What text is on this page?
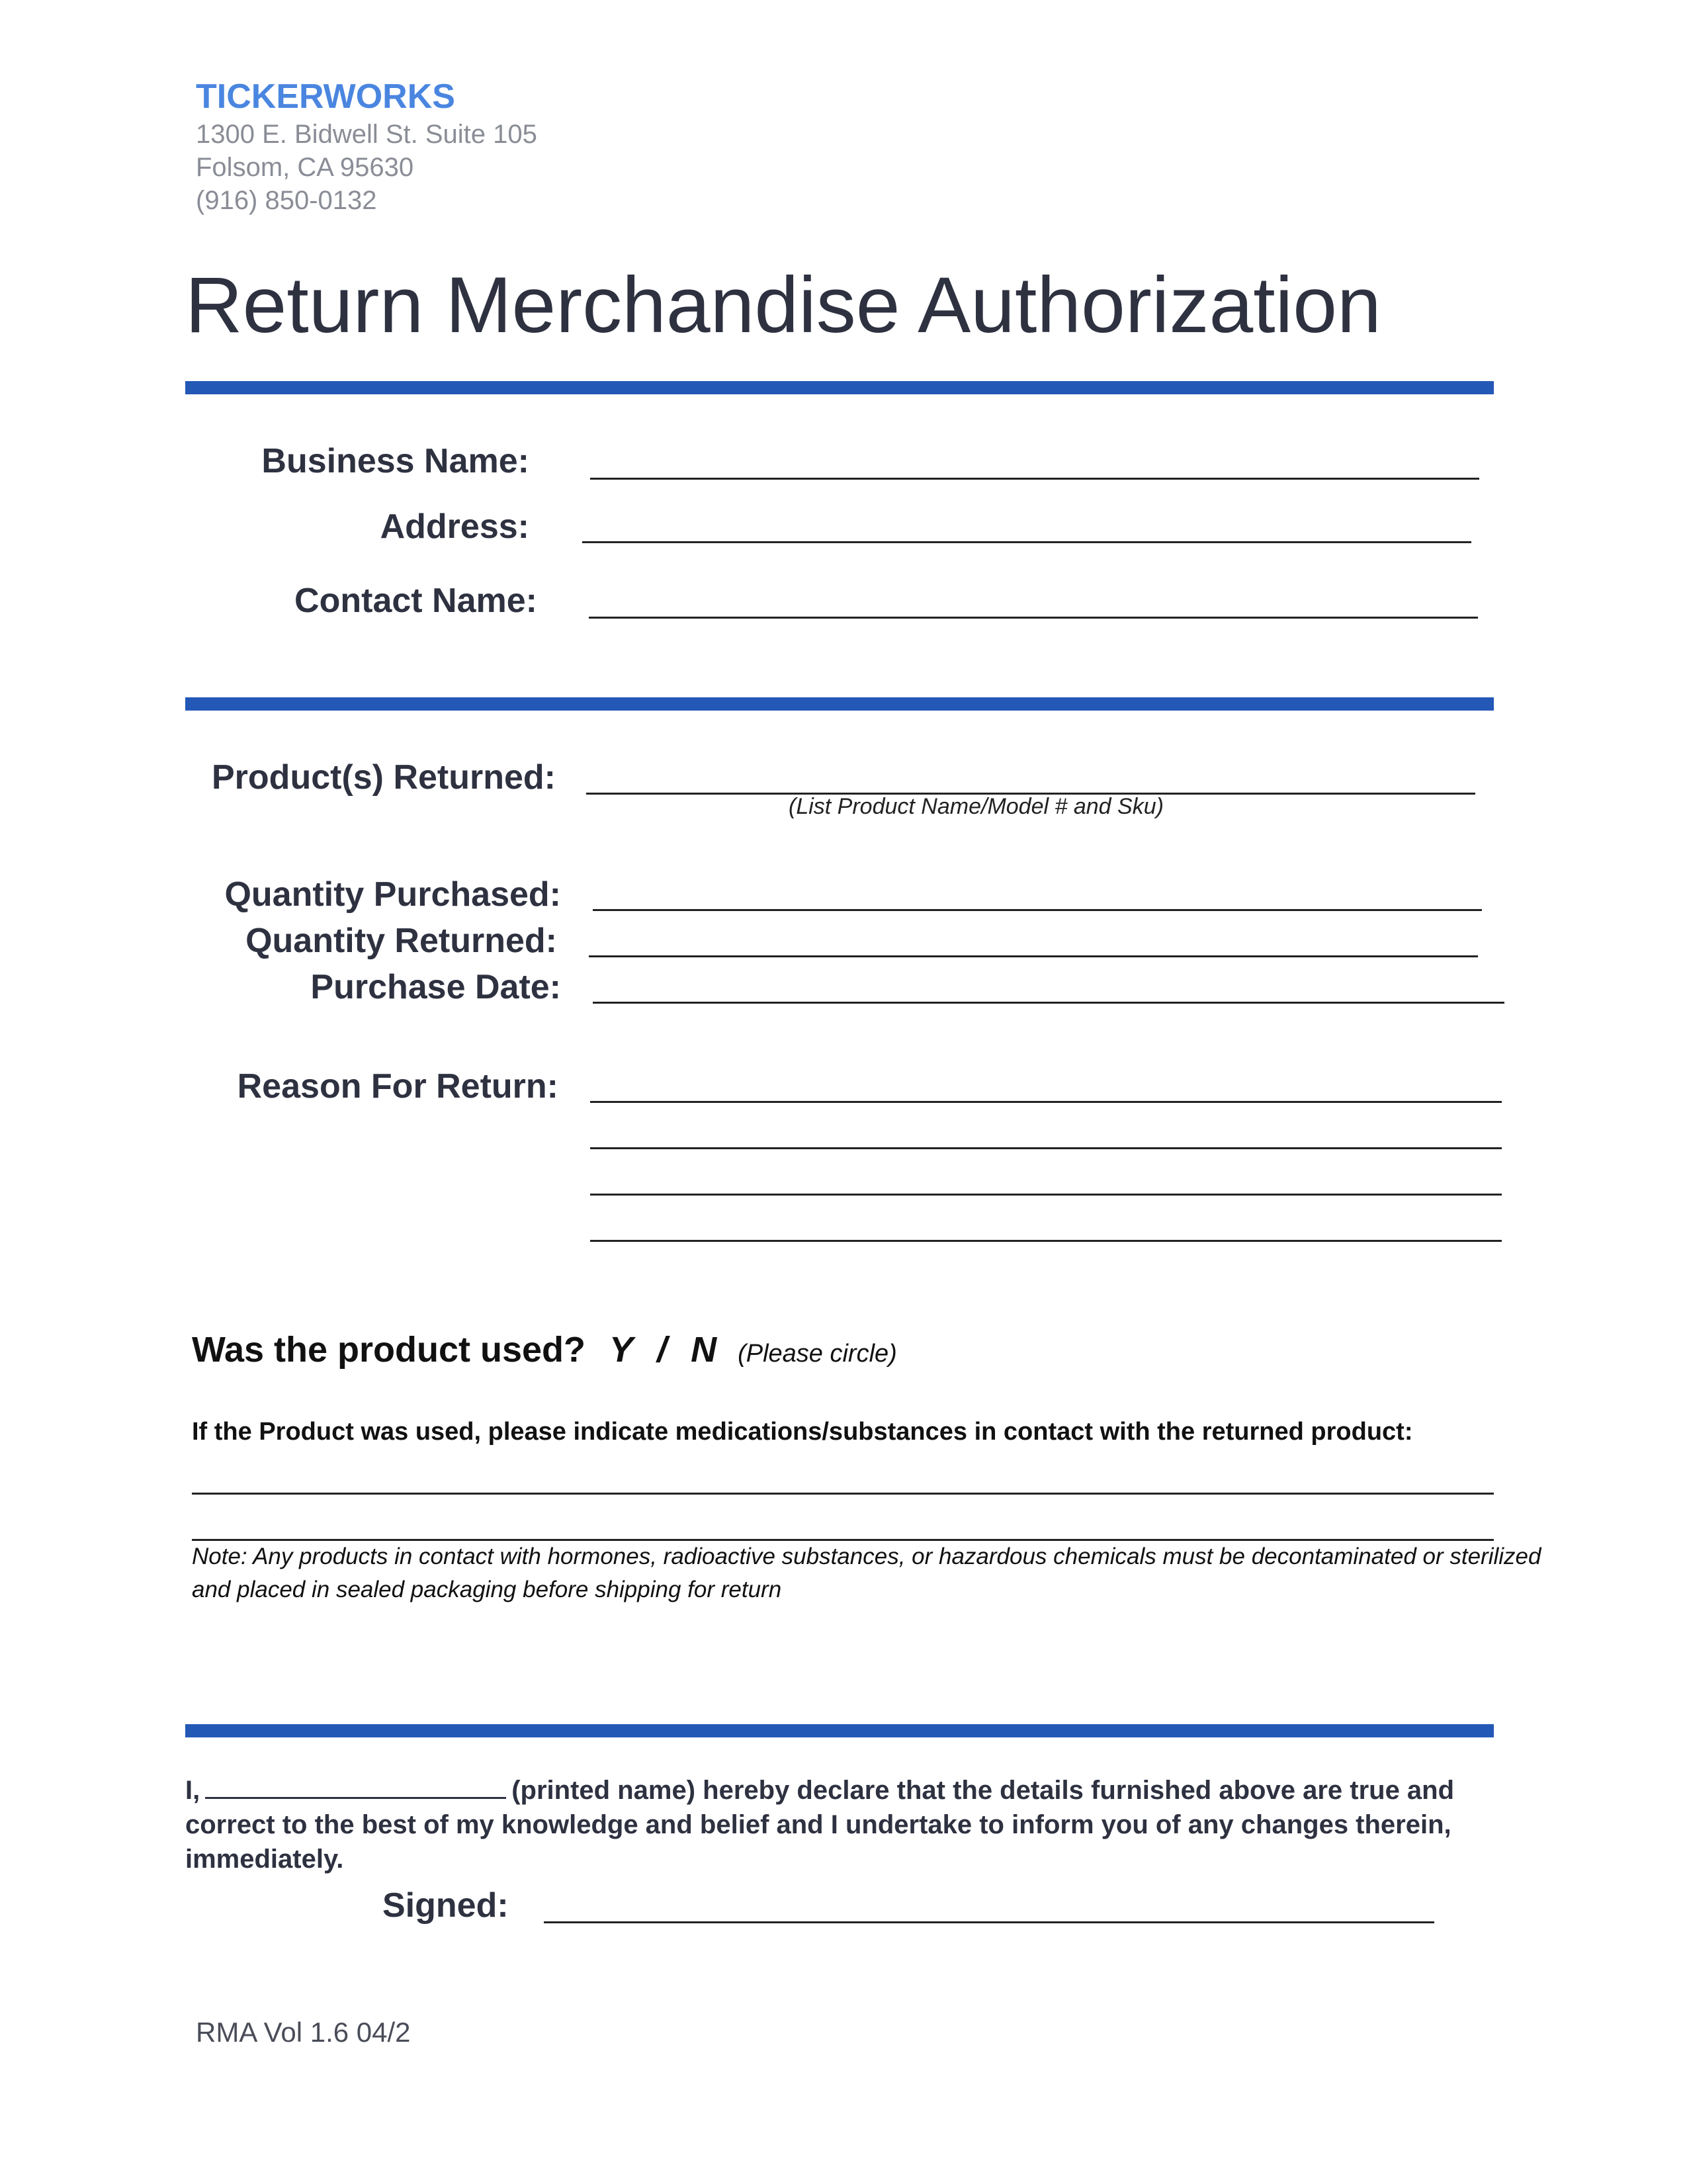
TICKERWORKS
1300 E. Bidwell St. Suite 105
Folsom, CA 95630
(916) 850-0132
Return Merchandise Authorization
Business Name:
Address:
Contact Name:
Product(s) Returned:
(List Product Name/Model # and Sku)
Quantity Purchased:
Quantity Returned:
Purchase Date:
Reason For Return:
Was the product used? Y / N (Please circle)
If the Product was used, please indicate medications/substances in contact with the returned product:
Note: Any products in contact with hormones, radioactive substances, or hazardous chemicals must be decontaminated or sterilized and placed in sealed packaging before shipping for return
I,	(printed name) hereby declare that the details furnished above are true and correct to the best of my knowledge and belief and I undertake to inform you of any changes therein, immediately.
Signed:
RMA Vol 1.6 04/2
